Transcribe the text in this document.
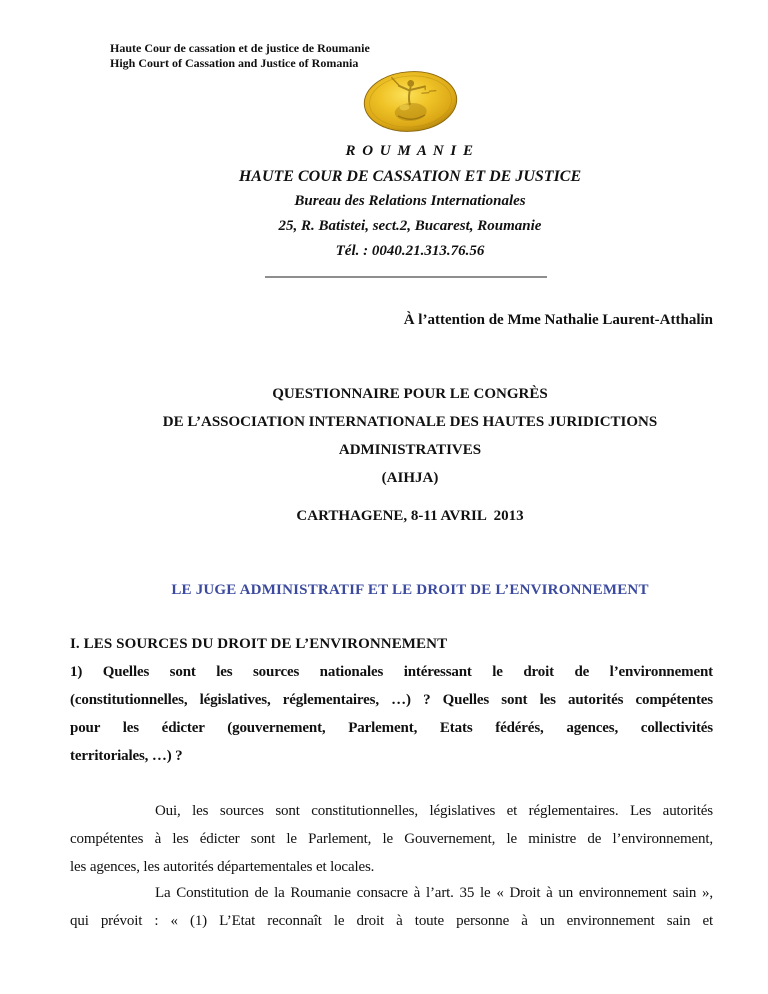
Haute Cour de cassation et de justice de Roumanie
High Court of Cassation and Justice of Romania
R O U M A N I E
HAUTE COUR DE CASSATION ET DE JUSTICE
Bureau des Relations Internationales
25, R. Batistei, sect.2, Bucarest, Roumanie
Tél. : 0040.21.313.76.56
À l’attention de Mme Nathalie Laurent-Atthalin
QUESTIONNAIRE POUR LE CONGRÈS
DE L’ASSOCIATION INTERNATIONALE DES HAUTES JURIDICTIONS
ADMINISTRATIVES
(AIHJA)
CARTHAGENE, 8-11 AVRIL  2013
LE JUGE ADMINISTRATIF ET LE DROIT DE L’ENVIRONNEMENT
I. LES SOURCES DU DROIT DE L’ENVIRONNEMENT
1) Quelles sont les sources nationales intéressant le droit de l’environnement
(constitutionnelles, législatives, réglementaires, …) ? Quelles sont les autorités compétentes
pour les édicter (gouvernement, Parlement, Etats fédérés, agences, collectivités
territoriales, …) ?
Oui, les sources sont constitutionnelles, législatives et réglementaires. Les autorités
compétentes à les édicter sont le Parlement, le Gouvernement, le ministre de l’environnement,
les agences, les autorités départementales et locales.
La Constitution de la Roumanie consacre à l’art. 35 le « Droit à un environnement sain »,
qui prévoit : « (1) L’Etat reconnaît le droit à toute personne à un environnement sain et
